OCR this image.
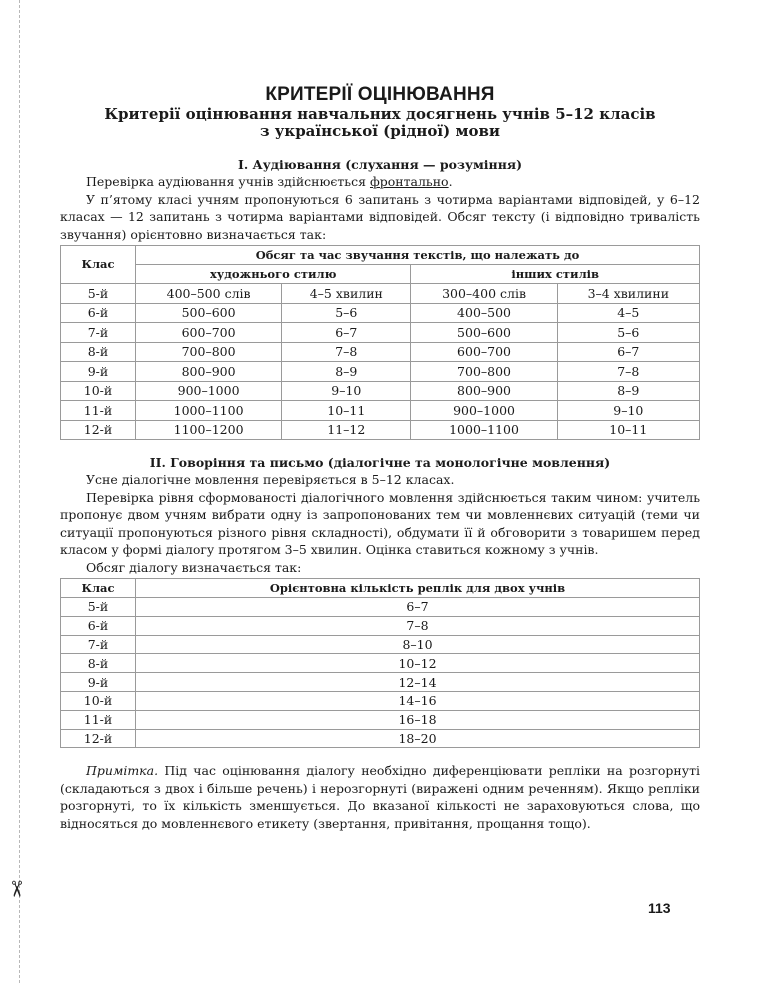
✂
КРИТЕРІЇ ОЦІНЮВАННЯ
Критерії оцінювання навчальних досягнень учнів 5–12 класів
з української (рідної) мови
І. Аудіювання (слухання — розуміння)

Перевірка аудіювання учнів здійснюється фронтально.

У п’ятому класі учням пропонуються 6 запитань з чотирма варіантами відповідей, у 6–12 класах — 12 запитань з чотирма варіантами відповідей. Обсяг тексту (і відповідно тривалість звучання) орієнтовно визначається так:

Клас	Обсяг та час звучання текстів, що належать до			
	художнього стилю		інших стилів	
5-й	400–500 слів	4–5 хвилин	300–400 слів	3–4 хвилини
6-й	500–600	5–6	400–500	4–5
7-й	600–700	6–7	500–600	5–6
8-й	700–800	7–8	600–700	6–7
9-й	800–900	8–9	700–800	7–8
10-й	900–1000	9–10	800–900	8–9
11-й	1000–1100	10–11	900–1000	9–10
12-й	1100–1200	11–12	1000–1100	10–11
ІІ. Говоріння та письмо (діалогічне та монологічне мовлення)

Усне діалогічне мовлення перевіряється в 5–12 класах.

Перевірка рівня сформованості діалогічного мовлення здійснюється таким чином: учитель пропонує двом учням вибрати одну із запропонованих тем чи мовленнєвих ситуацій (теми чи ситуації пропонуються різного рівня складності), обдумати її й обговорити з товаришем перед класом у формі діалогу протягом 3–5 хвилин. Оцінка ставиться кожному з учнів.

Обсяг діалогу визначається так:

Клас	Орієнтовна кількість реплік для двох учнів
5-й	6–7
6-й	7–8
7-й	8–10
8-й	10–12
9-й	12–14
10-й	14–16
11-й	16–18
12-й	18–20

Примітка. Під час оцінювання діалогу необхідно диференціювати репліки на розгорнуті (складаються з двох і більше речень) і нерозгорнуті (виражені одним реченням). Якщо репліки розгорнуті, то їх кількість зменшується. До вказаної кількості не зараховуються слова, що відносяться до мовленнєвого етикету (звертання, привітання, прощання тощо).

113
